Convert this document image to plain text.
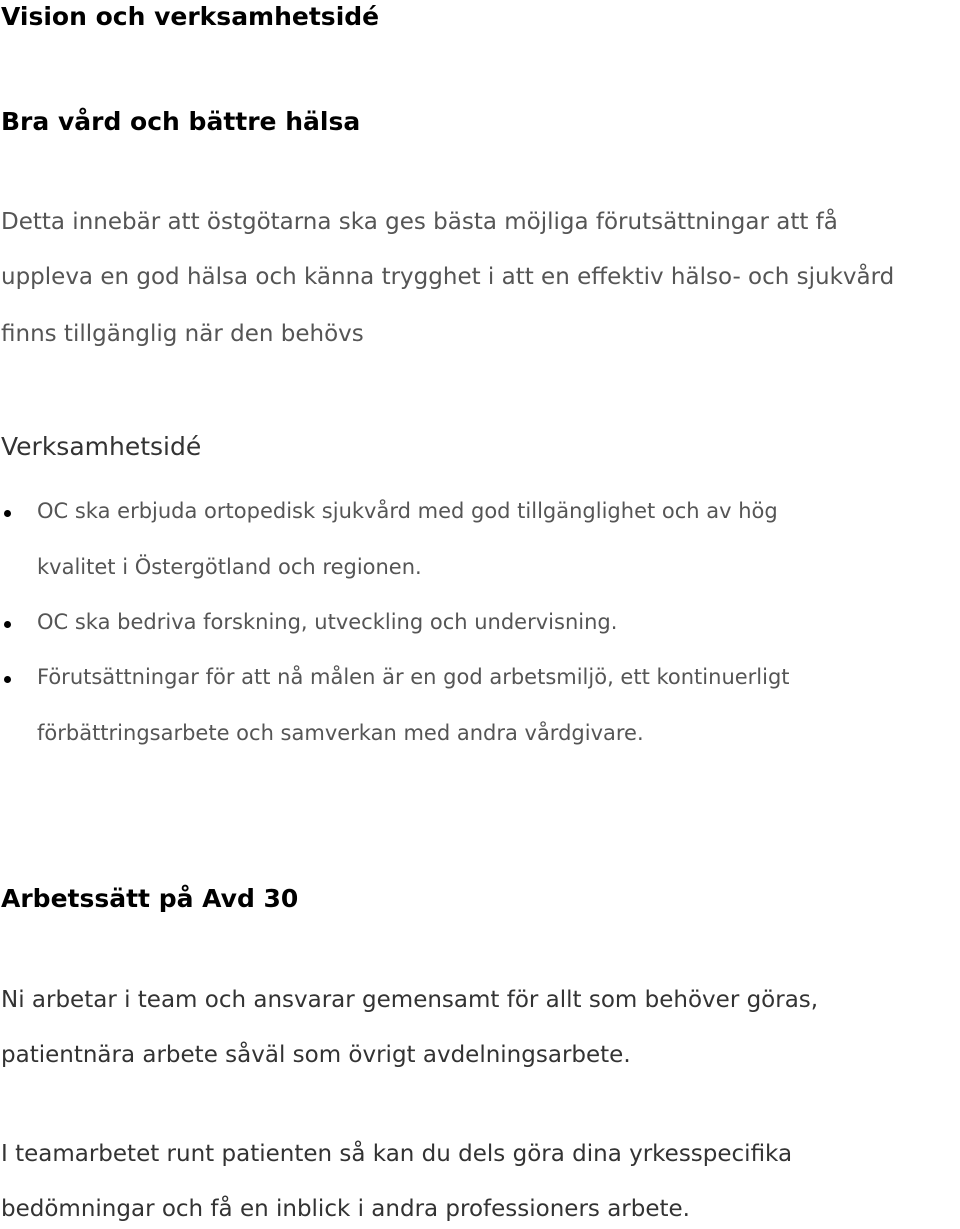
Vision och verksamhetsidé
Bra vård och bättre hälsa
Detta innebär att östgötarna ska ges bästa möjliga förutsättningar att få
uppleva en god hälsa och känna trygghet i att en effektiv hälso- och sjukvård
finns tillgänglig när den behövs
Verksamhetsidé
OC ska erbjuda ortopedisk sjukvård med god tillgänglighet och av hög
kvalitet i Östergötland och regionen.
OC ska bedriva forskning, utveckling och undervisning.
Förutsättningar för att nå målen är en god arbetsmiljö, ett kontinuerligt
förbättringsarbete och samverkan med andra vårdgivare.
Arbetssätt på Avd 30
Ni arbetar i team och ansvarar gemensamt för allt som behöver göras,
patientnära arbete såväl som övrigt avdelningsarbete.
I teamarbetet runt patienten så kan du dels göra dina yrkesspecifika
bedömningar och få en inblick i andra professioners arbete.
